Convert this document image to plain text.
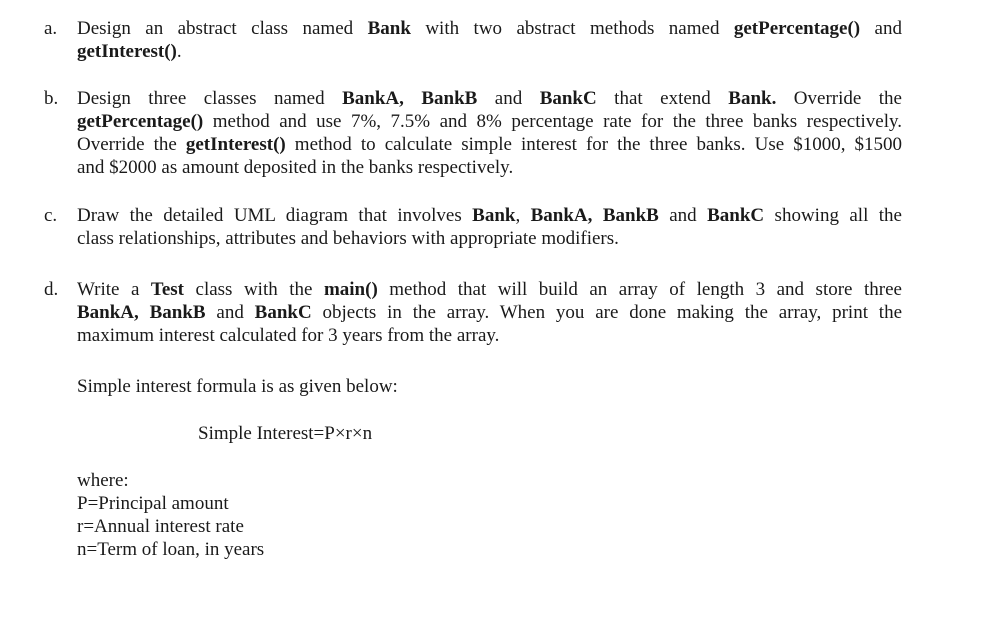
a. Design an abstract class named Bank with two abstract methods named getPercentage() and
getInterest().
b. Design three classes named BankA, BankB and BankC that extend Bank. Override the
getPercentage() method and use 7%, 7.5% and 8% percentage rate for the three banks respectively.
Override the getInterest() method to calculate simple interest for the three banks. Use $1000, $1500
and $2000 as amount deposited in the banks respectively.
c. Draw the detailed UML diagram that involves Bank, BankA, BankB and BankC showing all the
class relationships, attributes and behaviors with appropriate modifiers.
d. Write a Test class with the main() method that will build an array of length 3 and store three
BankA, BankB and BankC objects in the array. When you are done making the array, print the
maximum interest calculated for 3 years from the array.
Simple interest formula is as given below:
Simple Interest=P×r×n
where:
P=Principal amount
r=Annual interest rate
n=Term of loan, in years
